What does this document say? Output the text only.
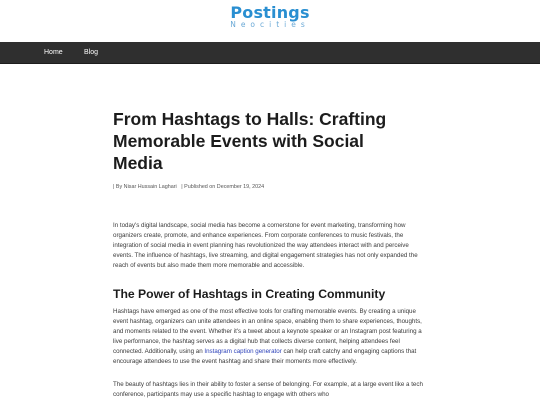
Postings
Neocities
Home	Blog
From Hashtags to Halls: Crafting Memorable Events with Social Media
| By Nisar Hussain Laghari | Published on December 19, 2024

In today's digital landscape, social media has become a cornerstone for event marketing, transforming how organizers create, promote, and enhance experiences. From corporate conferences to music festivals, the integration of social media in event planning has revolutionized the way attendees interact with and perceive events. The influence of hashtags, live streaming, and digital engagement strategies has not only expanded the reach of events but also made them more memorable and accessible.

The Power of Hashtags in Creating Community

Hashtags have emerged as one of the most effective tools for crafting memorable events. By creating a unique event hashtag, organizers can unite attendees in an online space, enabling them to share experiences, thoughts, and moments related to the event. Whether it's a tweet about a keynote speaker or an Instagram post featuring a live performance, the hashtag serves as a digital hub that collects diverse content, helping attendees feel connected. Additionally, using an Instagram caption generator can help craft catchy and engaging captions that encourage attendees to use the event hashtag and share their moments more effectively.

The beauty of hashtags lies in their ability to foster a sense of belonging. For example, at a large event like a tech conference, participants may use a specific hashtag to engage with others who
